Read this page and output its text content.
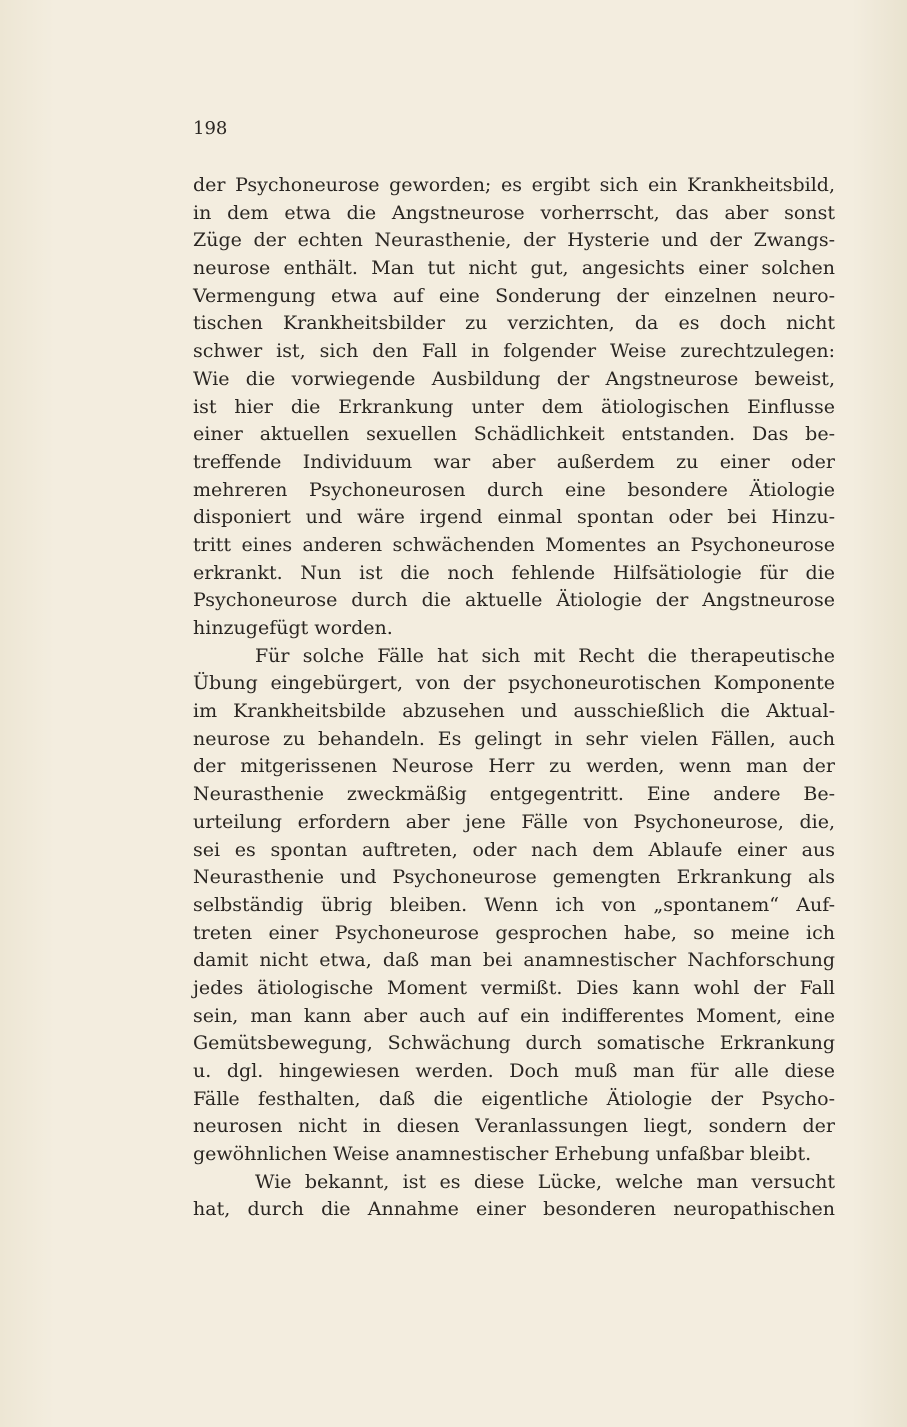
198
der Psychoneurose geworden; es ergibt sich ein Krankheitsbild,
in dem etwa die Angstneurose vorherrscht, das aber sonst
Züge der echten Neurasthenie, der Hysterie und der Zwangs-
neurose enthält. Man tut nicht gut, angesichts einer solchen
Vermengung etwa auf eine Sonderung der einzelnen neuro-
tischen Krankheitsbilder zu verzichten, da es doch nicht
schwer ist, sich den Fall in folgender Weise zurechtzulegen:
Wie die vorwiegende Ausbildung der Angstneurose beweist,
ist hier die Erkrankung unter dem ätiologischen Einflusse
einer aktuellen sexuellen Schädlichkeit entstanden. Das be-
treffende Individuum war aber außerdem zu einer oder
mehreren Psychoneurosen durch eine besondere Ätiologie
disponiert und wäre irgend einmal spontan oder bei Hinzu-
tritt eines anderen schwächenden Momentes an Psychoneurose
erkrankt. Nun ist die noch fehlende Hilfsätiologie für die
Psychoneurose durch die aktuelle Ätiologie der Angstneurose
hinzugefügt worden.
Für solche Fälle hat sich mit Recht die therapeutische
Übung eingebürgert, von der psychoneurotischen Komponente
im Krankheitsbilde abzusehen und ausschießlich die Aktual-
neurose zu behandeln. Es gelingt in sehr vielen Fällen, auch
der mitgerissenen Neurose Herr zu werden, wenn man der
Neurasthenie zweckmäßig entgegentritt. Eine andere Be-
urteilung erfordern aber jene Fälle von Psychoneurose, die,
sei es spontan auftreten, oder nach dem Ablaufe einer aus
Neurasthenie und Psychoneurose gemengten Erkrankung als
selbständig übrig bleiben. Wenn ich von „spontanem“ Auf-
treten einer Psychoneurose gesprochen habe, so meine ich
damit nicht etwa, daß man bei anamnestischer Nachforschung
jedes ätiologische Moment vermißt. Dies kann wohl der Fall
sein, man kann aber auch auf ein indifferentes Moment, eine
Gemütsbewegung, Schwächung durch somatische Erkrankung
u. dgl. hingewiesen werden. Doch muß man für alle diese
Fälle festhalten, daß die eigentliche Ätiologie der Psycho-
neurosen nicht in diesen Veranlassungen liegt, sondern der
gewöhnlichen Weise anamnestischer Erhebung unfaßbar bleibt.
Wie bekannt, ist es diese Lücke, welche man versucht
hat, durch die Annahme einer besonderen neuropathischen
